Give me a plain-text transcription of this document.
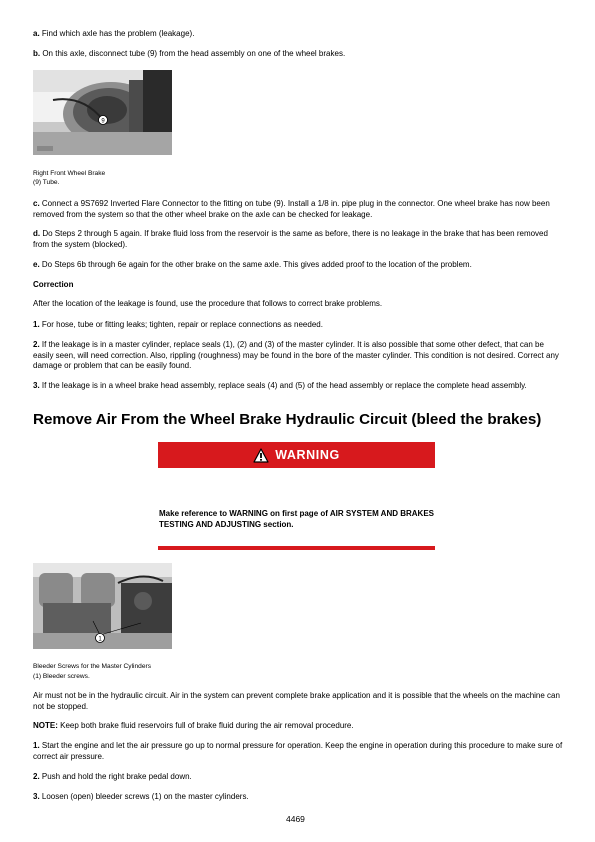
a. Find which axle has the problem (leakage).

b. On this axle, disconnect tube (9) from the head assembly on one of the wheel brakes.

9

Right Front Wheel Brake

(9) Tube.

c. Connect a 9S7692 Inverted Flare Connector to the fitting on tube (9). Install a 1/8 in. pipe plug in the connector. One wheel brake has now been removed from the system so that the other wheel brake on the axle can be checked for leakage.

d. Do Steps 2 through 5 again. If brake fluid loss from the reservoir is the same as before, there is no leakage in the brake that has been removed from the system (blocked).

e. Do Steps 6b through 6e again for the other brake on the same axle. This gives added proof to the location of the problem.

Correction

After the location of the leakage is found, use the procedure that follows to correct brake problems.

1. For hose, tube or fitting leaks; tighten, repair or replace connections as needed.

2. If the leakage is in a master cylinder, replace seals (1), (2) and (3) of the master cylinder. It is also possible that some other defect, that can be easily seen, will need correction. Also, rippling (roughness) may be found in the bore of the master cylinder. This condition is not desired. Correct any damage or problem that can be easily found.

3. If the leakage is in a wheel brake head assembly, replace seals (4) and (5) of the head assembly or replace the complete head assembly.

Remove Air From the Wheel Brake Hydraulic Circuit (bleed the brakes)
WARNING

Make reference to WARNING on first page of AIR SYSTEM AND BRAKES TESTING AND ADJUSTING section.

1

Bleeder Screws for the Master Cylinders

(1) Bleeder screws.

Air must not be in the hydraulic circuit. Air in the system can prevent complete brake application and it is possible that the wheels on the machine can not be stopped.

NOTE: Keep both brake fluid reservoirs full of brake fluid during the air removal procedure.

1. Start the engine and let the air pressure go up to normal pressure for operation. Keep the engine in operation during this procedure to make sure of correct air pressure.

2. Push and hold the right brake pedal down.

3. Loosen (open) bleeder screws (1) on the master cylinders.

4469
